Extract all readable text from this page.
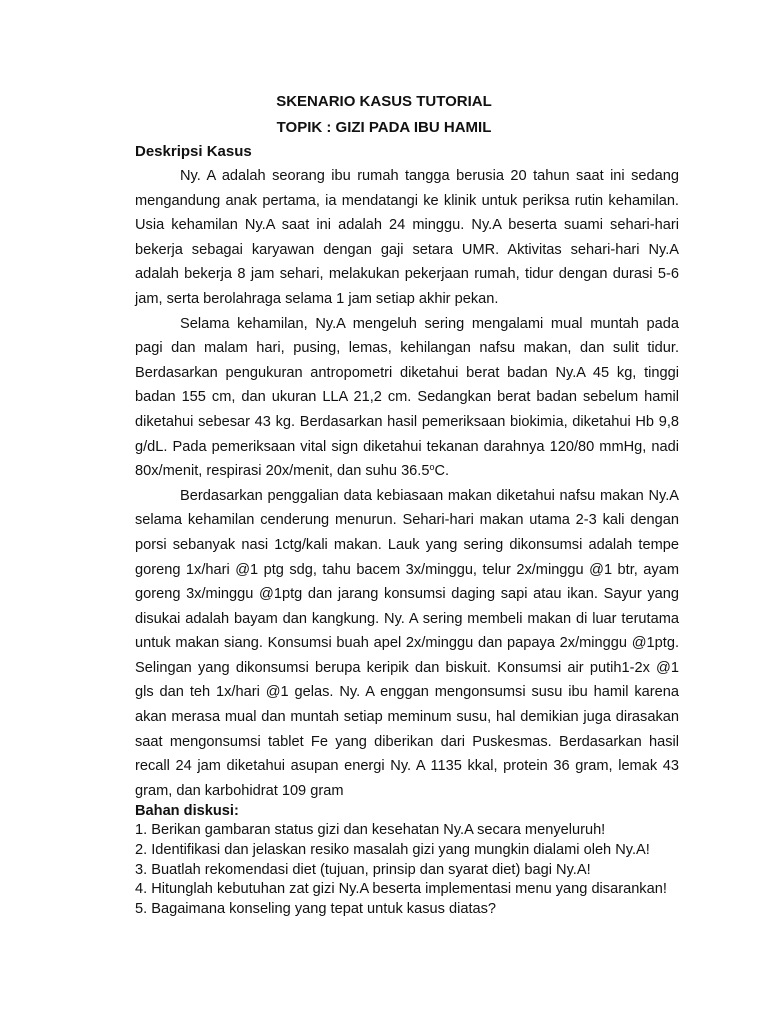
SKENARIO KASUS TUTORIAL
TOPIK : GIZI PADA IBU HAMIL
Deskripsi Kasus

Ny. A adalah seorang ibu rumah tangga berusia 20 tahun saat ini sedang mengandung anak pertama, ia mendatangi ke klinik untuk periksa rutin kehamilan. Usia kehamilan Ny.A saat ini adalah 24 minggu. Ny.A beserta suami sehari-hari bekerja sebagai karyawan dengan gaji setara UMR. Aktivitas sehari-hari Ny.A adalah bekerja 8 jam sehari, melakukan pekerjaan rumah, tidur dengan durasi 5-6 jam, serta berolahraga selama 1 jam setiap akhir pekan.

Selama kehamilan, Ny.A mengeluh sering mengalami mual muntah pada pagi dan malam hari, pusing, lemas, kehilangan nafsu makan, dan sulit tidur. Berdasarkan pengukuran antropometri diketahui berat badan Ny.A 45 kg, tinggi badan 155 cm, dan ukuran LLA 21,2 cm. Sedangkan berat badan sebelum hamil diketahui sebesar 43 kg. Berdasarkan hasil pemeriksaan biokimia, diketahui Hb 9,8 g/dL. Pada pemeriksaan vital sign diketahui tekanan darahnya 120/80 mmHg, nadi 80x/menit, respirasi 20x/menit, dan suhu 36.5$^o$C.

Berdasarkan penggalian data kebiasaan makan diketahui nafsu makan Ny.A selama kehamilan cenderung menurun. Sehari-hari makan utama 2-3 kali dengan porsi sebanyak nasi 1ctg/kali makan. Lauk yang sering dikonsumsi adalah tempe goreng 1x/hari @1 ptg sdg, tahu bacem 3x/minggu, telur 2x/minggu @1 btr, ayam goreng 3x/minggu @1ptg dan jarang konsumsi daging sapi atau ikan. Sayur yang disukai adalah bayam dan kangkung. Ny. A sering membeli makan di luar terutama untuk makan siang. Konsumsi buah apel 2x/minggu dan papaya 2x/minggu @1ptg. Selingan yang dikonsumsi berupa keripik dan biskuit. Konsumsi air putih1-2x @1 gls dan teh 1x/hari @1 gelas. Ny. A enggan mengonsumsi susu ibu hamil karena akan merasa mual dan muntah setiap meminum susu, hal demikian juga dirasakan saat mengonsumsi tablet Fe yang diberikan dari Puskesmas. Berdasarkan hasil recall 24 jam diketahui asupan energi Ny. A 1135 kkal, protein 36 gram, lemak 43 gram, dan karbohidrat 109 gram

Bahan diskusi:
1. Berikan gambaran status gizi dan kesehatan Ny.A secara menyeluruh!
2. Identifikasi dan jelaskan resiko masalah gizi yang mungkin dialami oleh Ny.A!
3. Buatlah rekomendasi diet (tujuan, prinsip dan syarat diet) bagi Ny.A!
4. Hitunglah kebutuhan zat gizi Ny.A beserta implementasi menu yang disarankan!
5. Bagaimana konseling yang tepat untuk kasus diatas?
